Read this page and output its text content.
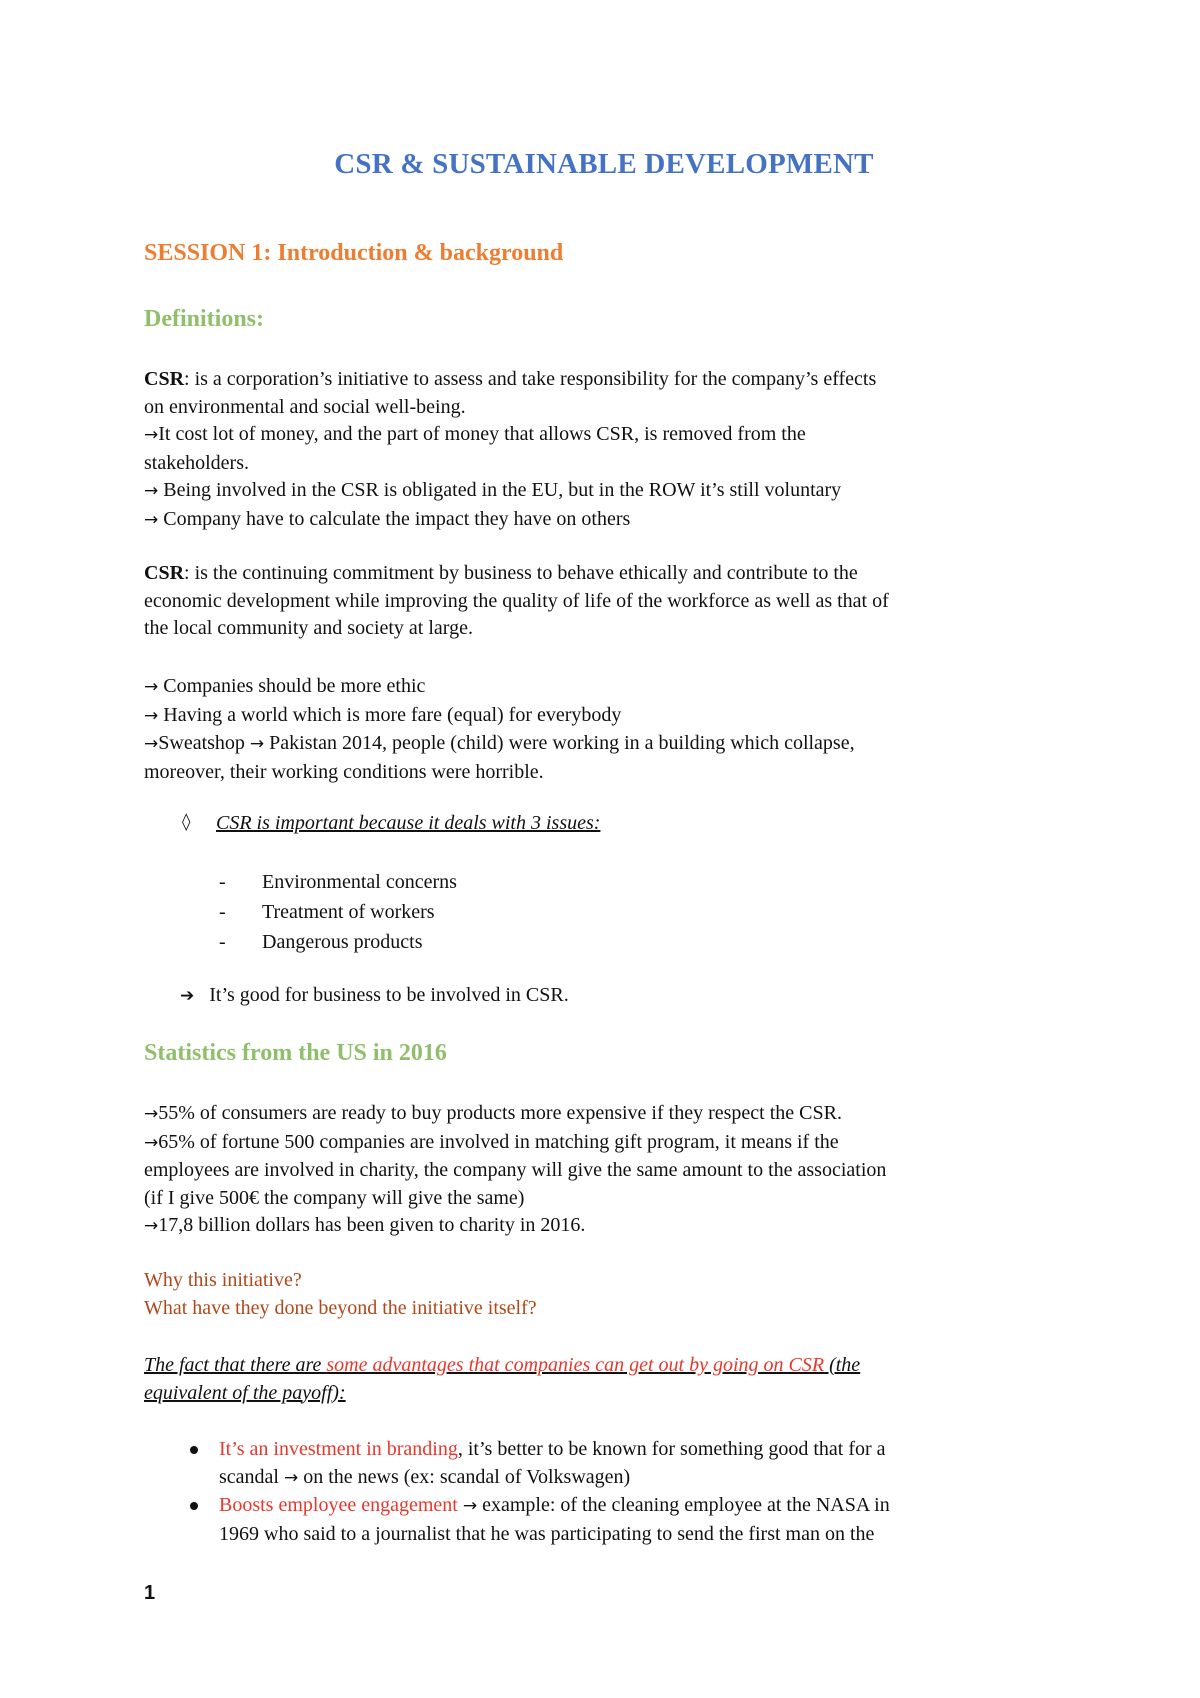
CSR & SUSTAINABLE DEVELOPMENT
SESSION 1: Introduction & background
Definitions:
CSR: is a corporation’s initiative to assess and take responsibility for the company’s effects
on environmental and social well-being.
→It cost lot of money, and the part of money that allows CSR, is removed from the
stakeholders.
→ Being involved in the CSR is obligated in the EU, but in the ROW it’s still voluntary
→ Company have to calculate the impact they have on others
CSR: is the continuing commitment by business to behave ethically and contribute to the
economic development while improving the quality of life of the workforce as well as that of
the local community and society at large.
→ Companies should be more ethic
→ Having a world which is more fare (equal) for everybody
→Sweatshop → Pakistan 2014, people (child) were working in a building which collapse,
moreover, their working conditions were horrible.
◊ CSR is important because it deals with 3 issues:
- Environmental concerns
- Treatment of workers
- Dangerous products
➔ It’s good for business to be involved in CSR.
Statistics from the US in 2016
→55% of consumers are ready to buy products more expensive if they respect the CSR.
→65% of fortune 500 companies are involved in matching gift program, it means if the
employees are involved in charity, the company will give the same amount to the association
(if I give 500€ the company will give the same)
→17,8 billion dollars has been given to charity in 2016.
Why this initiative?
What have they done beyond the initiative itself?
The fact that there are some advantages that companies can get out by going on CSR (the
equivalent of the payoff):
It’s an investment in branding, it’s better to be known for something good that for a
scandal → on the news (ex: scandal of Volkswagen)
Boosts employee engagement → example: of the cleaning employee at the NASA in
1969 who said to a journalist that he was participating to send the first man on the
1
